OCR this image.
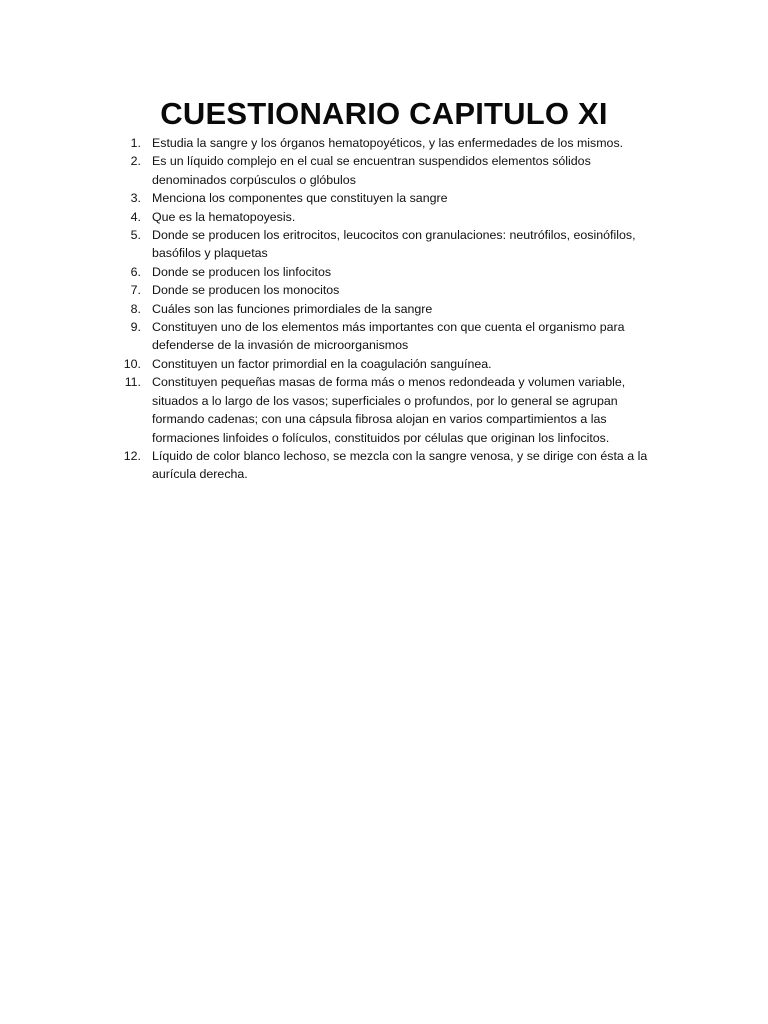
CUESTIONARIO CAPITULO XI
1. Estudia la sangre y los órganos hematopoyéticos, y las enfermedades de los mismos.
2. Es un líquido complejo en el cual se encuentran suspendidos elementos sólidos denominados corpúsculos o glóbulos
3. Menciona los componentes que constituyen la sangre
4. Que es la hematopoyesis.
5. Donde se producen los eritrocitos, leucocitos con granulaciones: neutrófilos, eosinófilos, basófilos y plaquetas
6. Donde se producen los linfocitos
7. Donde se producen los monocitos
8. Cuáles son las funciones primordiales de la sangre
9. Constituyen uno de los elementos más importantes con que cuenta el organismo para defenderse de la invasión de microorganismos
10. Constituyen un factor primordial en la coagulación sanguínea.
11. Constituyen pequeñas masas de forma más o menos redondeada y volumen variable, situados a lo largo de los vasos; superficiales o profundos, por lo general se agrupan formando cadenas; con una cápsula fibrosa alojan en varios compartimientos a las formaciones linfoides o folículos, constituidos por células que originan los linfocitos.
12. Líquido de color blanco lechoso, se mezcla con la sangre venosa, y se dirige con ésta a la aurícula derecha.
